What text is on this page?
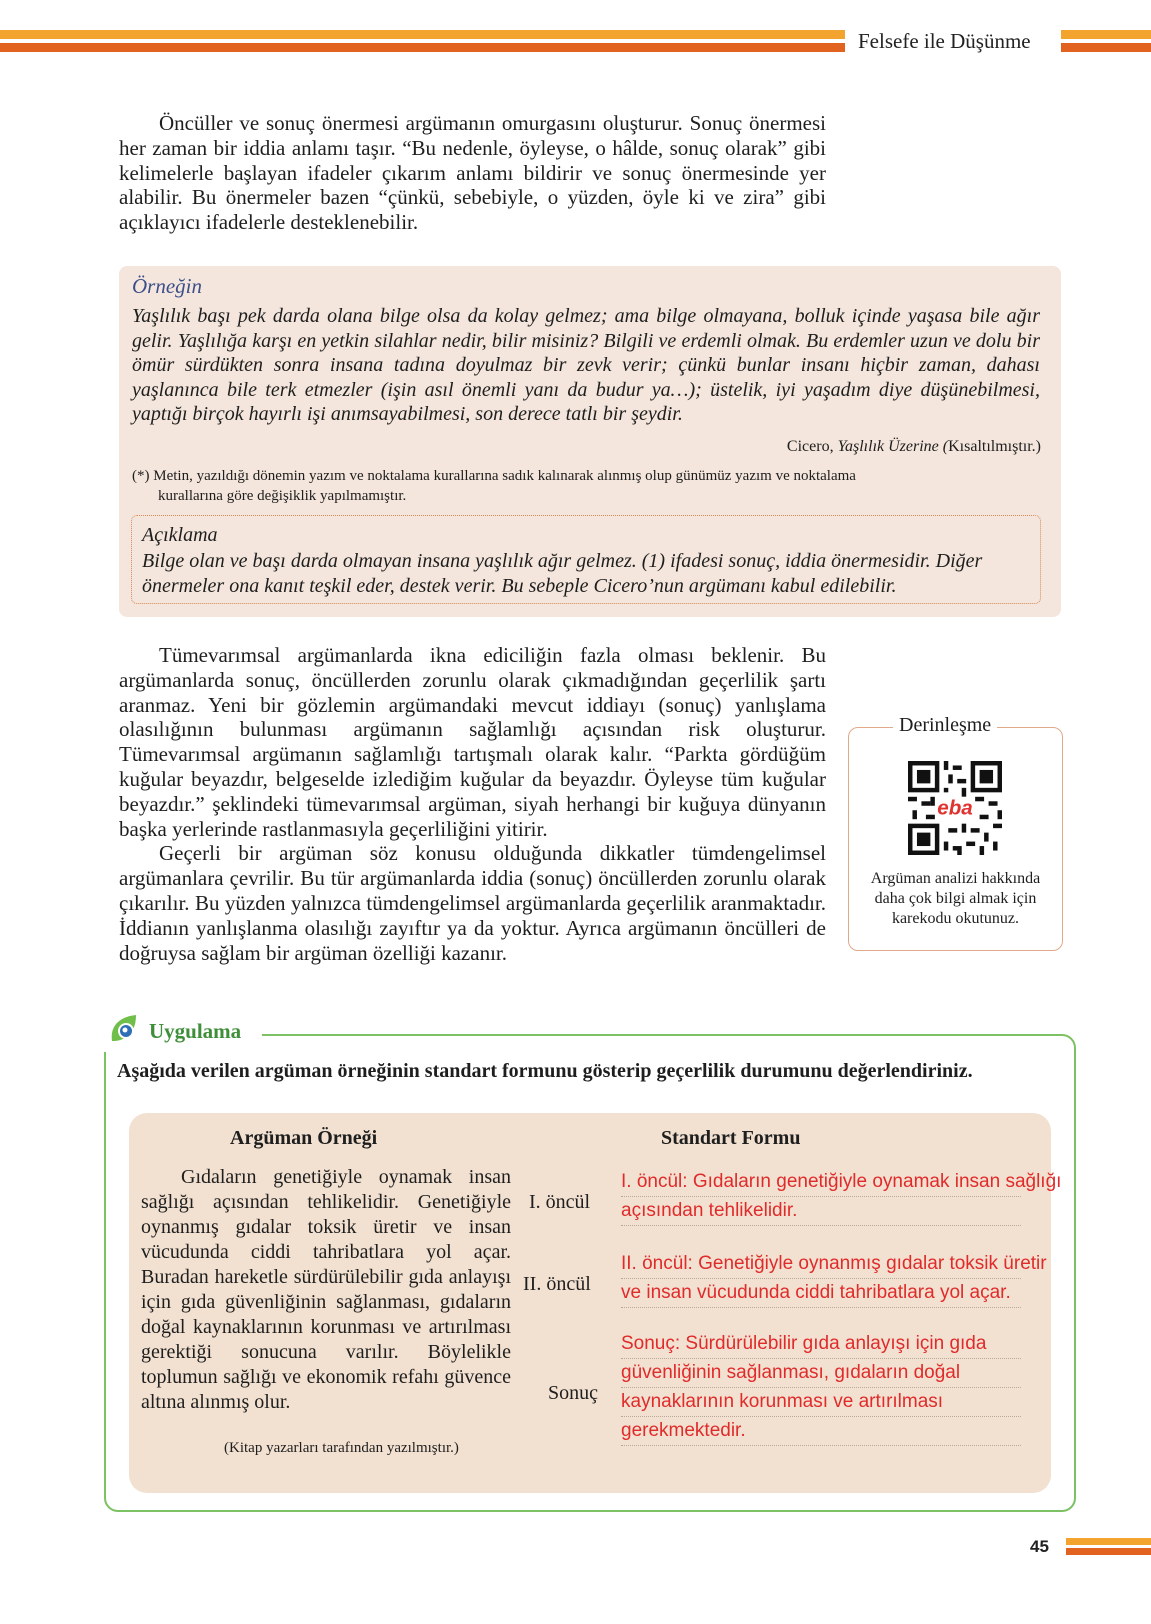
Felsefe ile Düşünme

Öncüller ve sonuç önermesi argümanın omurgasını oluşturur. Sonuç önermesi her zaman bir iddia anlamı taşır. “Bu nedenle, öyleyse, o hâlde, sonuç olarak” gibi kelimelerle başlayan ifadeler çıkarım anlamı bildirir ve sonuç önermesinde yer alabilir. Bu önermeler bazen “çünkü, sebebiyle, o yüzden, öyle ki ve zira” gibi açıklayıcı ifadelerle desteklenebilir.

Örneğin
Yaşlılık başı pek darda olana bilge olsa da kolay gelmez; ama bilge olmayana, bolluk içinde yaşasa bile ağır gelir. Yaşlılığa karşı en yetkin silahlar nedir, bilir misiniz? Bilgili ve erdemli olmak. Bu erdemler uzun ve dolu bir ömür sürdükten sonra insana tadına doyulmaz bir zevk verir; çünkü bunlar insanı hiçbir zaman, dahası yaşlanınca bile terk etmezler (işin asıl önemli yanı da budur ya…); üstelik, iyi yaşadım diye düşünebilmesi, yaptığı birçok hayırlı işi anımsayabilmesi, son derece tatlı bir şeydir.
Cicero, Yaşlılık Üzerine (Kısaltılmıştır.)
(*) Metin, yazıldığı dönemin yazım ve noktalama kurallarına sadık kalınarak alınmış olup günümüz yazım ve noktalama
kurallarına göre değişiklik yapılmamıştır.
Açıklama
Bilge olan ve başı darda olmayan insana yaşlılık ağır gelmez. (1) ifadesi sonuç, iddia önermesidir. Diğer önermeler ona kanıt teşkil eder, destek verir. Bu sebeple Cicero’nun argümanı kabul edilebilir.

Tümevarımsal argümanlarda ikna ediciliğin fazla olması beklenir. Bu argümanlarda sonuç, öncüllerden zorunlu olarak çıkmadığından geçerlilik şartı aranmaz. Yeni bir gözlemin argümandaki mevcut iddiayı (sonuç) yanlışlama olasılığının bulunması argümanın sağlamlığı açısından risk oluşturur. Tümevarımsal argümanın sağlamlığı tartışmalı olarak kalır. “Parkta gördüğüm kuğular beyazdır, belgeselde izlediğim kuğular da beyazdır. Öyleyse tüm kuğular beyazdır.” şeklindeki tümevarımsal argüman, siyah herhangi bir kuğuya dünyanın başka yerlerinde rastlanmasıyla geçerliliğini yitirir.

Geçerli bir argüman söz konusu olduğunda dikkatler tümdengelimsel argümanlara çevrilir. Bu tür argümanlarda iddia (sonuç) öncüllerden zorunlu olarak çıkarılır. Bu yüzden yalnızca tümdengelimsel argümanlarda geçerlilik aranmaktadır. İddianın yanlışlanma olasılığı zayıftır ya da yoktur. Ayrıca argümanın öncülleri de doğruysa sağlam bir argüman özelliği kazanır.

Derinleşme
eba
Argüman analizi hakkında daha çok bilgi almak için karekodu okutunuz.
Uygulama
Aşağıda verilen argüman örneğinin standart formunu gösterip geçerlilik durumunu değerlendiriniz.
Argüman Örneği	Standart Formu

Gıdaların genetiğiyle oynamak insan sağlığı açısından tehlikelidir. Genetiğiyle oynanmış gıdalar toksik üretir ve insan vücudunda ciddi tahribatlara yol açar. Buradan hareketle sürdürülebilir gıda anlayışı için gıda güvenliğinin sağlanması, gıdaların doğal kaynaklarının korunması ve artırılması gerektiği sonucuna varılır. Böylelikle toplumun sağlığı ve ekonomik refahı güvence altına alınmış olur.

(Kitap yazarları tarafından yazılmıştır.)
I. öncül
II. öncül
Sonuç
I. öncül: Gıdaların genetiğiyle oynamak insan sağlığı
açısından tehlikelidir.
II. öncül: Genetiğiyle oynanmış gıdalar toksik üretir
ve insan vücudunda ciddi tahribatlara yol açar.
Sonuç: Sürdürülebilir gıda anlayışı için gıda
güvenliğinin sağlanması, gıdaların doğal
kaynaklarının korunması ve artırılması
gerekmektedir.
45
